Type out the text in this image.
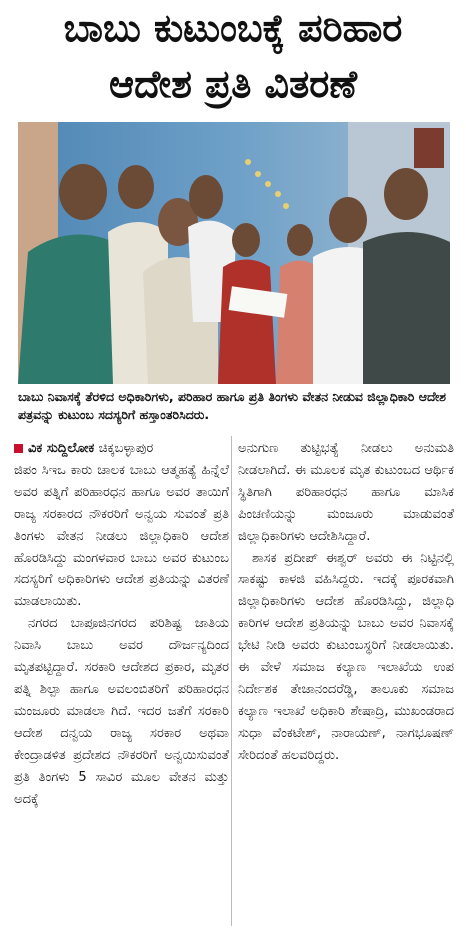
ಬಾಬು ಕುಟುಂಬಕ್ಕೆ ಪರಿಹಾರ
ಆದೇಶ ಪ್ರತಿ ವಿತರಣೆ
ಬಾಬು ನಿವಾಸಕ್ಕೆ ತೆರಳಿದ ಅಧಿಕಾರಿಗಳು, ಪರಿಹಾರ ಹಾಗೂ ಪ್ರತಿ ತಿಂಗಳು ವೇತನ ನೀಡುವ ಜಿಲ್ಲಾಧಿಕಾರಿ ಆದೇಶ ಪತ್ರವನ್ನು ಕುಟುಂಬ ಸದಸ್ಯರಿಗೆ ಹಸ್ತಾಂತರಿಸಿದರು.
ವಿಕ ಸುದ್ದಿಲೋಕ ಚಿಕ್ಕಬಳ್ಳಾಪುರ

ಜಿಪಂ ಸಿಇಒ ಕಾರು ಚಾಲಕ ಬಾಬು ಆತ್ಮಹತ್ಯೆ ಹಿನ್ನೆಲೆ ಅವರ ಪತ್ನಿಗೆ ಪರಿಹಾರಧನ ಹಾಗೂ ಅವರ ತಾಯಿಗೆ ರಾಜ್ಯ ಸರಕಾರದ ನೌಕರರಿಗೆ ಅನ್ವಯ ಸುವಂತೆ ಪ್ರತಿ ತಿಂಗಳು ವೇತನ ನೀಡಲು ಜಿಲ್ಲಾಧಿಕಾರಿ ಆದೇಶ ಹೊರಡಿಸಿದ್ದು ಮಂಗಳವಾರ ಬಾಬು ಅವರ ಕುಟುಂಬ ಸದಸ್ಯರಿಗೆ ಅಧಿಕಾರಿಗಳು ಆದೇಶ ಪ್ರತಿಯನ್ನು ವಿತರಣೆ ಮಾಡಲಾಯಿತು.

ನಗರದ ಬಾಪೂಜಿನಗರದ ಪರಿಶಿಷ್ಟ ಜಾತಿಯ ನಿವಾಸಿ ಬಾಬು ಅವರ ದೌರ್ಜನ್ಯದಿಂದ ಮೃತಪಟ್ಟಿದ್ದಾರೆ. ಸರಕಾರಿ ಆದೇಶದ ಪ್ರಕಾರ, ಮೃತರ ಪತ್ನಿ ಶಿಲ್ಪಾ ಹಾಗೂ ಅವಲಂಬಿತರಿಗೆ ಪರಿಹಾರಧನ ಮಂಜೂರು ಮಾಡಲಾ ಗಿದೆ. ಇದರ ಜತೆಗೆ ಸರಕಾರಿ ಆದೇಶ ದನ್ವಯ ರಾಜ್ಯ ಸರಕಾರ ಅಥವಾ ಕೇಂದ್ರಾಡಳಿತ ಪ್ರದೇಶದ ನೌಕರರಿಗೆ ಅನ್ವಯಿಸುವಂತೆ ಪ್ರತಿ ತಿಂಗಳು 5 ಸಾವಿರ ಮೂಲ ವೇತನ ಮತ್ತು ಅದಕ್ಕೆ

ಅನುಗುಣ ತುಟ್ಟಿಭತ್ಯೆ ನೀಡಲು ಅನುಮತಿ ನೀಡಲಾಗಿದೆ. ಈ ಮೂಲಕ ಮೃತ ಕುಟುಂಬದ ಆರ್ಥಿಕ ಸ್ಥಿತಿಗಾಗಿ ಪರಿಹಾರಧನ ಹಾಗೂ ಮಾಸಿಕ ಪಿಂಚಣಿಯನ್ನು ಮಂಜೂರು ಮಾಡುವಂತೆ ಜಿಲ್ಲಾಧಿಕಾರಿಗಳು ಆದೇಶಿಸಿದ್ದಾರೆ.

ಶಾಸಕ ಪ್ರದೀಪ್ ಈಶ್ವರ್ ಅವರು ಈ ನಿಟ್ಟಿನಲ್ಲಿ ಸಾಕಷ್ಟು ಕಾಳಜಿ ವಹಿಸಿದ್ದರು. ಇದಕ್ಕೆ ಪೂರಕವಾಗಿ ಜಿಲ್ಲಾಧಿಕಾರಿಗಳು ಆದೇಶ ಹೊರಡಿಸಿದ್ದು, ಜಿಲ್ಲಾಧಿ ಕಾರಿಗಳ ಆದೇಶ ಪ್ರತಿಯನ್ನು ಬಾಬು ಅವರ ನಿವಾಸಕ್ಕೆ ಭೇಟಿ ನೀಡಿ ಅವರು ಕುಟುಂಬಸ್ಥರಿಗೆ ನೀಡಲಾಯಿತು. ಈ ವೇಳೆ ಸಮಾಜ ಕಲ್ಯಾಣ ಇಲಾಖೆಯ ಉಪ ನಿರ್ದೇಶಕ ತೇಜಾನಂದರೆಡ್ಡಿ, ತಾಲೂಕು ಸಮಾಜ ಕಲ್ಯಾಣ ಇಲಾಖೆ ಅಧಿಕಾರಿ ಶೇಷಾದ್ರಿ, ಮುಖಂಡರಾದ ಸುಧಾ ವೆಂಕಟೇಶ್, ನಾರಾಯಣ್, ನಾಗಭೂಷಣ್ ಸೇರಿದಂತೆ ಹಲವರಿದ್ದರು.
